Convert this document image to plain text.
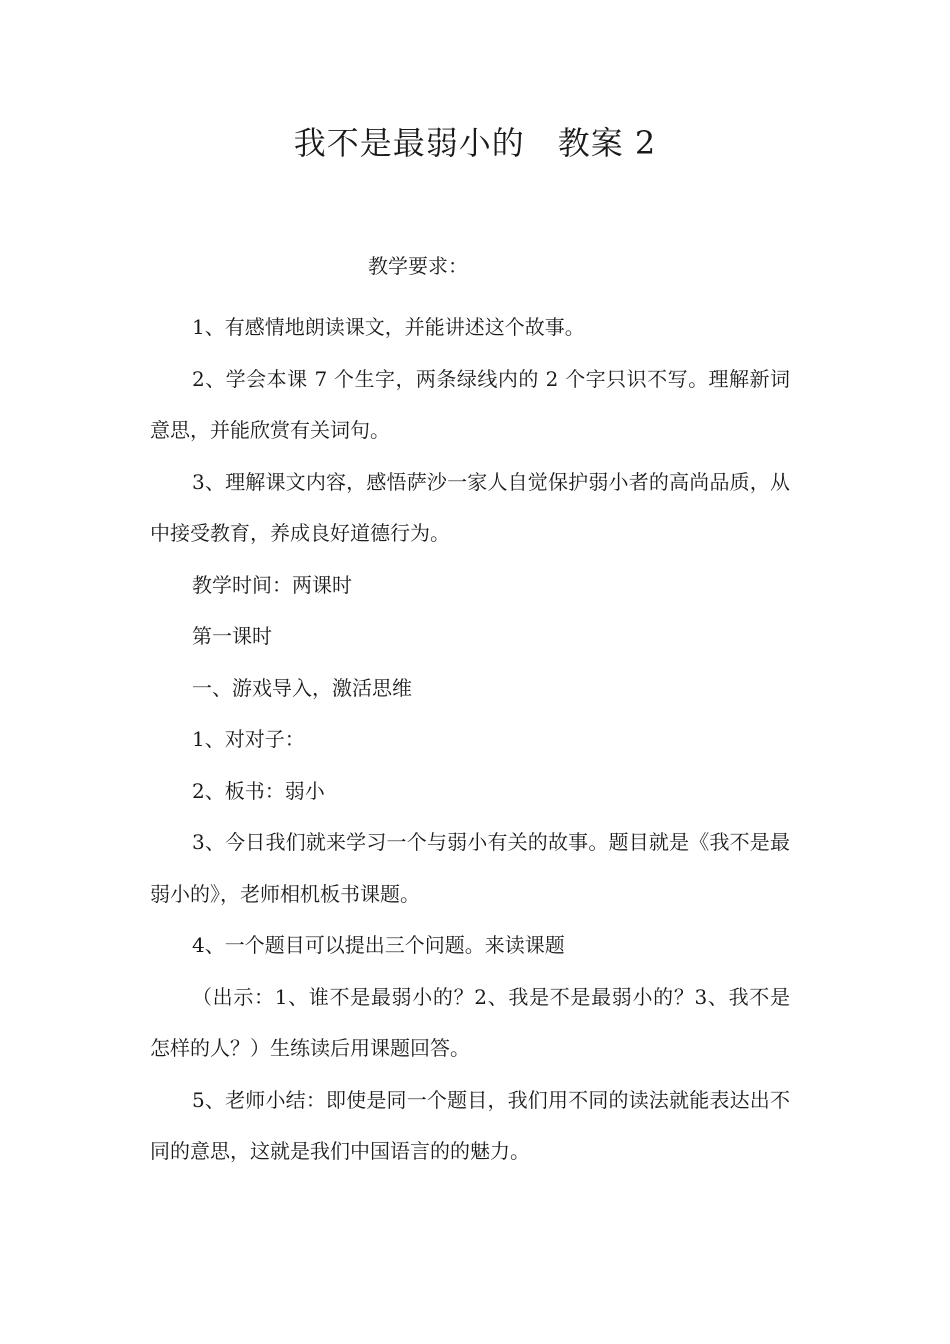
我不是最弱小的　教案 2
教学要求：

1、有感情地朗读课文，并能讲述这个故事。

2、学会本课 7 个生字，两条绿线内的 2 个字只识不写。理解新词意思，并能欣赏有关词句。

3、理解课文内容，感悟萨沙一家人自觉保护弱小者的高尚品质，从中接受教育，养成良好道德行为。

教学时间：两课时

第一课时

一、游戏导入，激活思维

1、对对子：

2、板书：弱小

3、今日我们就来学习一个与弱小有关的故事。题目就是《我不是最弱小的》，老师相机板书课题。

4、一个题目可以提出三个问题。来读课题

（出示：1、谁不是最弱小的？2、我是不是最弱小的？3、我不是怎样的人？）生练读后用课题回答。

5、老师小结：即使是同一个题目，我们用不同的读法就能表达出不同的意思，这就是我们中国语言的的魅力。
